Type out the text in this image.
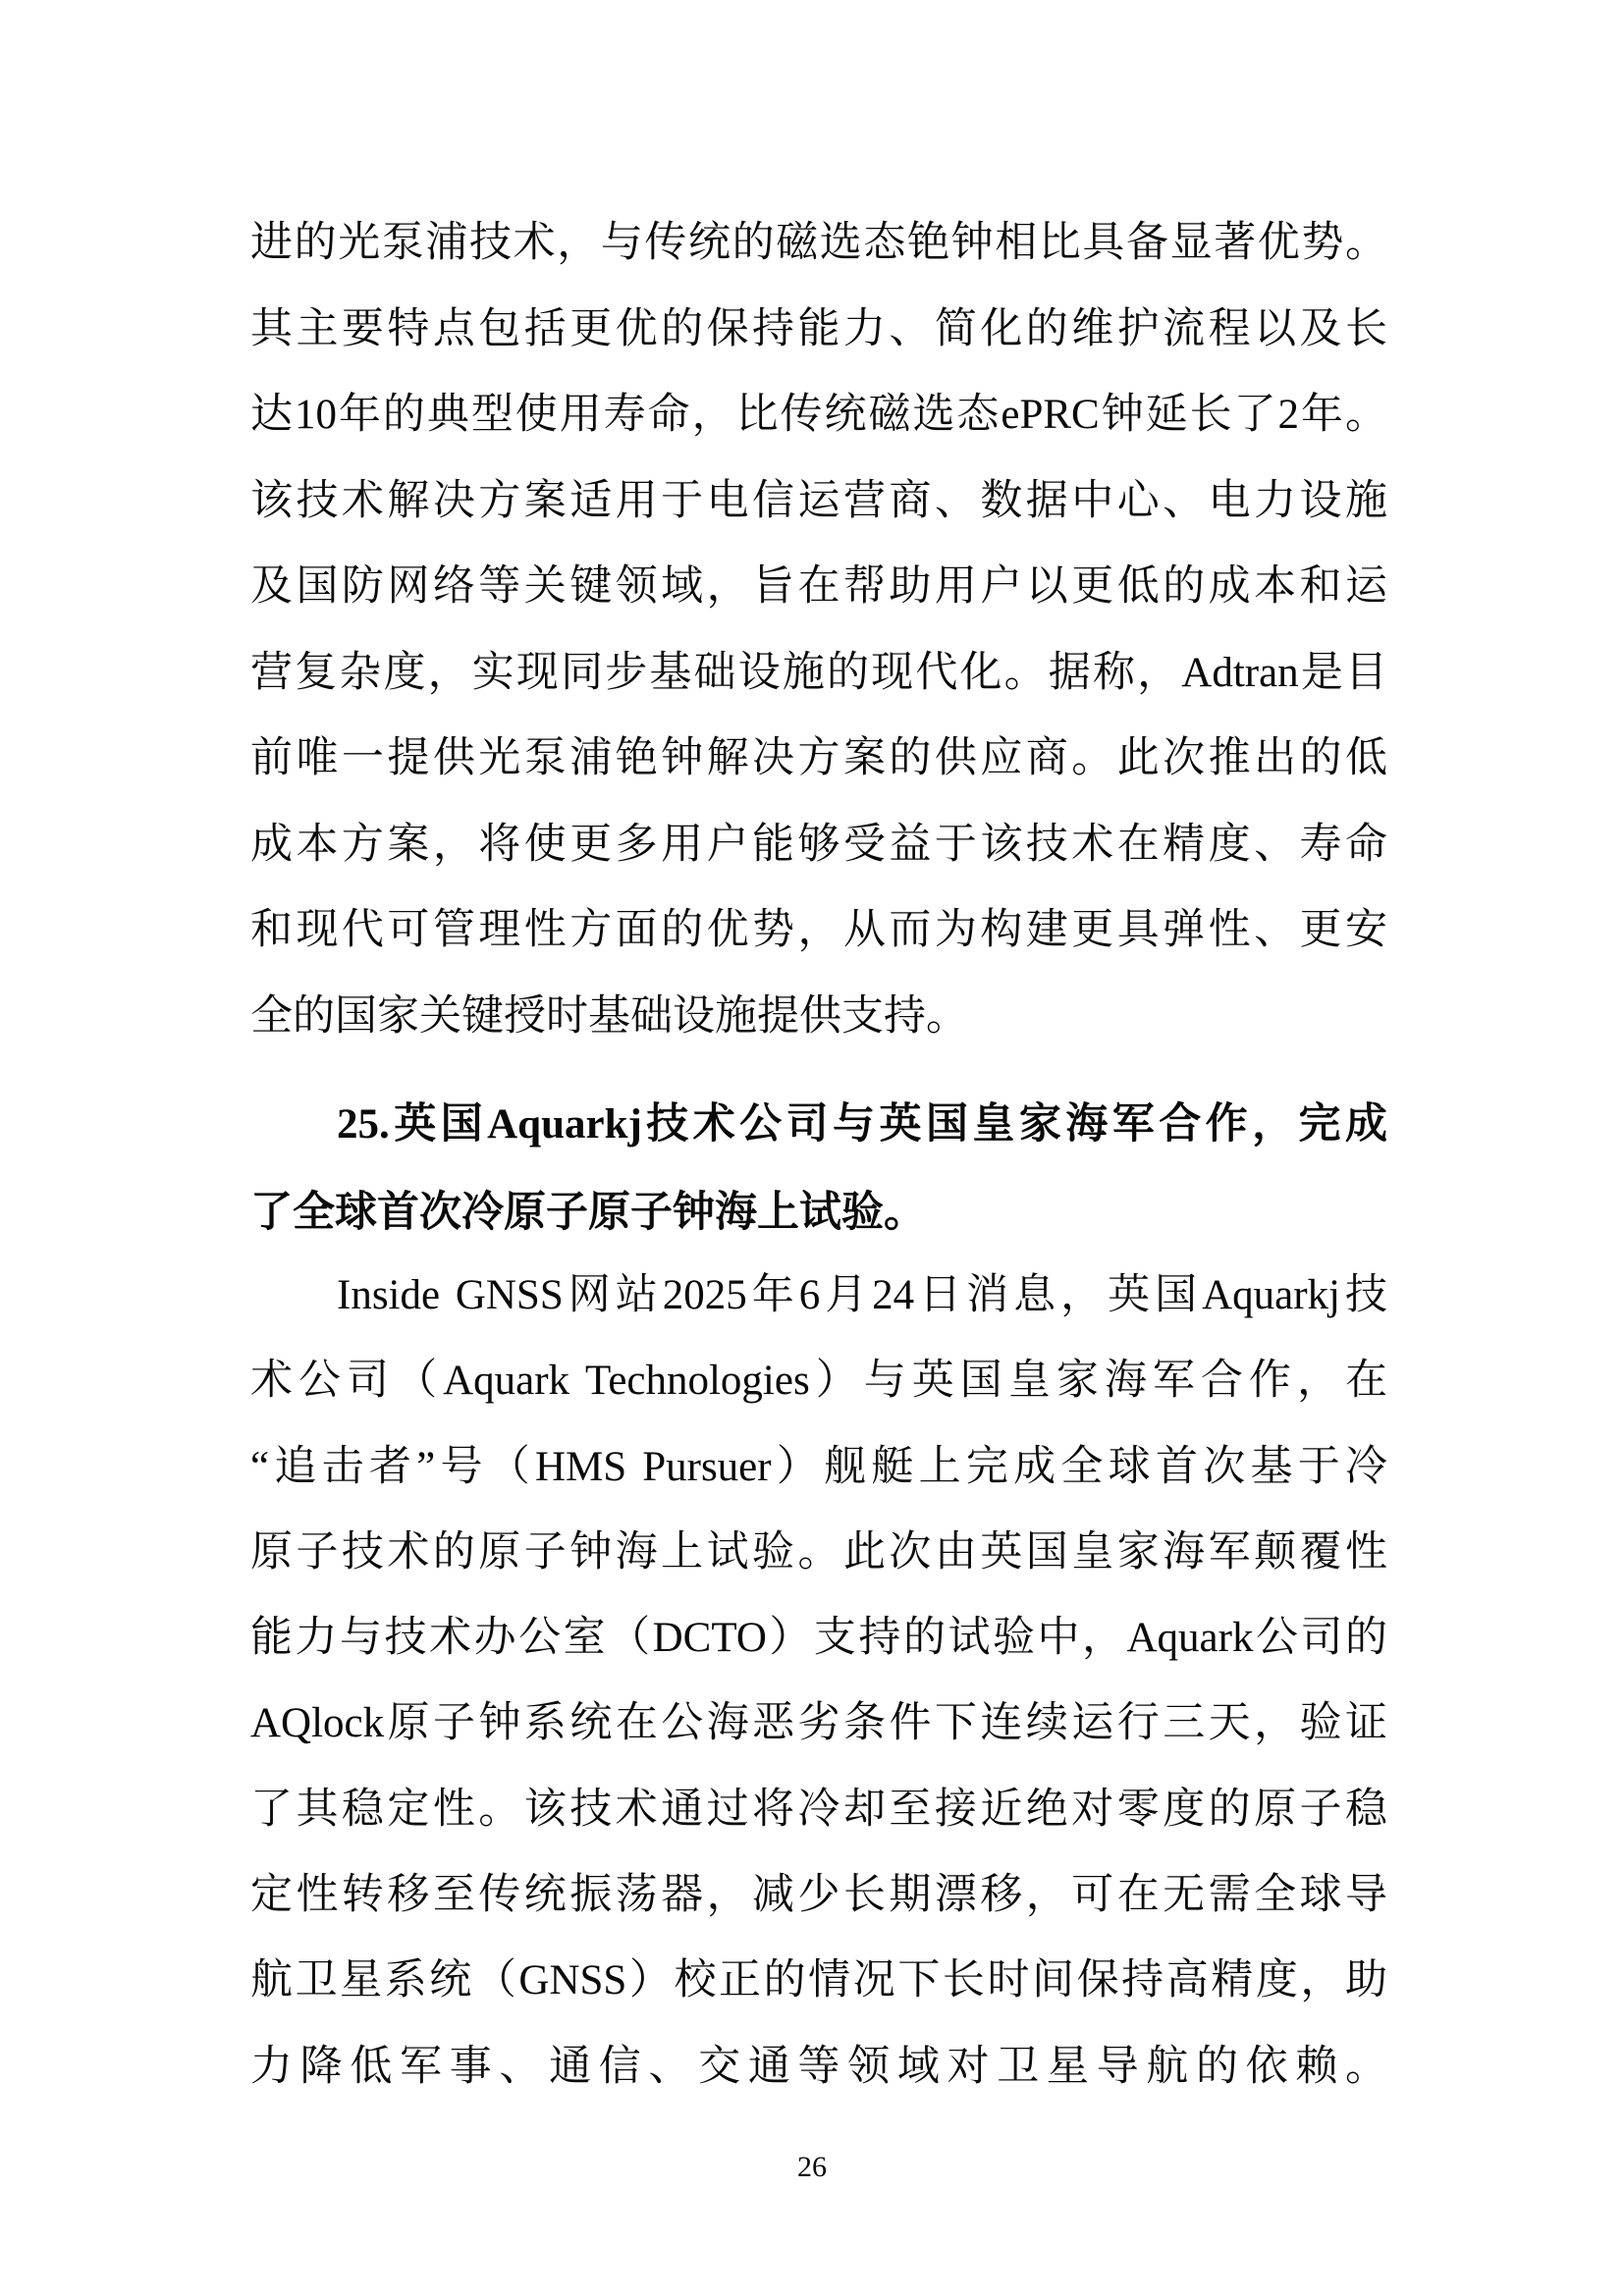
进的光泵浦技术，与传统的磁选态铯钟相比具备显著优势。
其主要特点包括更优的保持能力、简化的维护流程以及长
达10年的典型使用寿命，比传统磁选态ePRC钟延长了2年。
该技术解决方案适用于电信运营商、数据中心、电力设施
及国防网络等关键领域，旨在帮助用户以更低的成本和运
营复杂度，实现同步基础设施的现代化。据称，Adtran是目
前唯一提供光泵浦铯钟解决方案的供应商。此次推出的低
成本方案，将使更多用户能够受益于该技术在精度、寿命
和现代可管理性方面的优势，从而为构建更具弹性、更安
全的国家关键授时基础设施提供支持。
25.英国Aquarkj技术公司与英国皇家海军合作，完成
了全球首次冷原子原子钟海上试验。
Inside GNSS网站2025年6月24日消息，英国Aquarkj技
术公司（Aquark Technologies）与英国皇家海军合作，在
“追击者”号（HMS Pursuer）舰艇上完成全球首次基于冷
原子技术的原子钟海上试验。此次由英国皇家海军颠覆性
能力与技术办公室（DCTO）支持的试验中，Aquark公司的
AQlock原子钟系统在公海恶劣条件下连续运行三天，验证
了其稳定性。该技术通过将冷却至接近绝对零度的原子稳
定性转移至传统振荡器，减少长期漂移，可在无需全球导
航卫星系统（GNSS）校正的情况下长时间保持高精度，助
力降低军事、通信、交通等领域对卫星导航的依赖。
26
